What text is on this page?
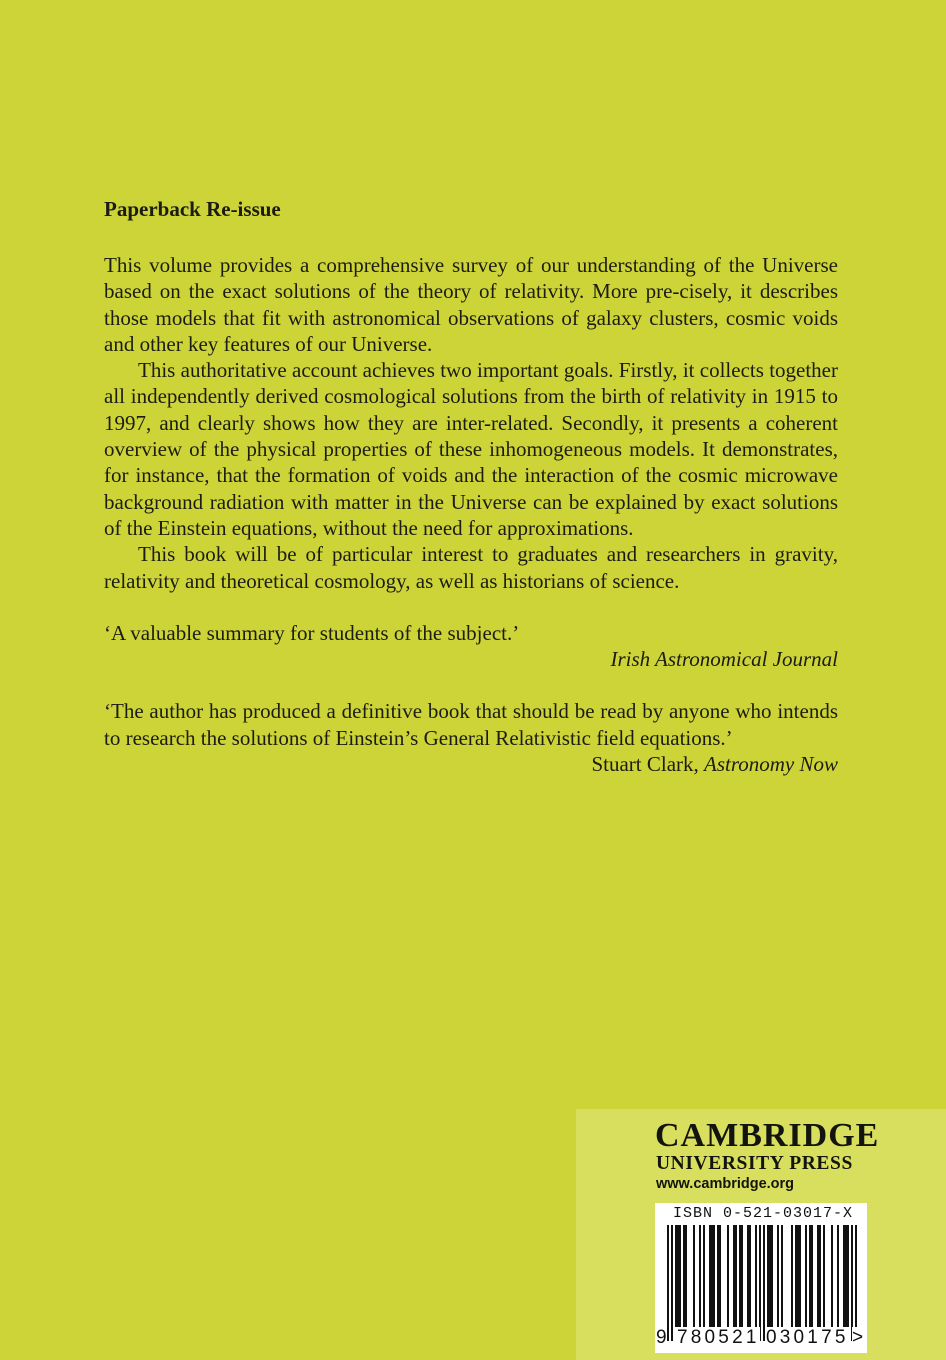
Paperback Re-issue

This volume provides a comprehensive survey of our understanding of the Universe based on the exact solutions of the theory of relativity. More pre-cisely, it describes those models that fit with astronomical observations of galaxy clusters, cosmic voids and other key features of our Universe.

This authoritative account achieves two important goals. Firstly, it collects together all independently derived cosmological solutions from the birth of relativity in 1915 to 1997, and clearly shows how they are inter-related. Secondly, it presents a coherent overview of the physical properties of these inhomogeneous models. It demonstrates, for instance, that the formation of voids and the interaction of the cosmic microwave background radiation with matter in the Universe can be explained by exact solutions of the Einstein equations, without the need for approximations.

This book will be of particular interest to graduates and researchers in gravity, relativity and theoretical cosmology, as well as historians of science.

‘A valuable summary for students of the subject.’

Irish Astronomical Journal

‘The author has produced a definitive book that should be read by anyone who intends to research the solutions of Einstein’s General Relativistic field equations.’

Stuart Clark, Astronomy Now

CAMBRIDGE
UNIVERSITY PRESS
www.cambridge.org
ISBN 0-521-03017-X
9 780521 030175 >
